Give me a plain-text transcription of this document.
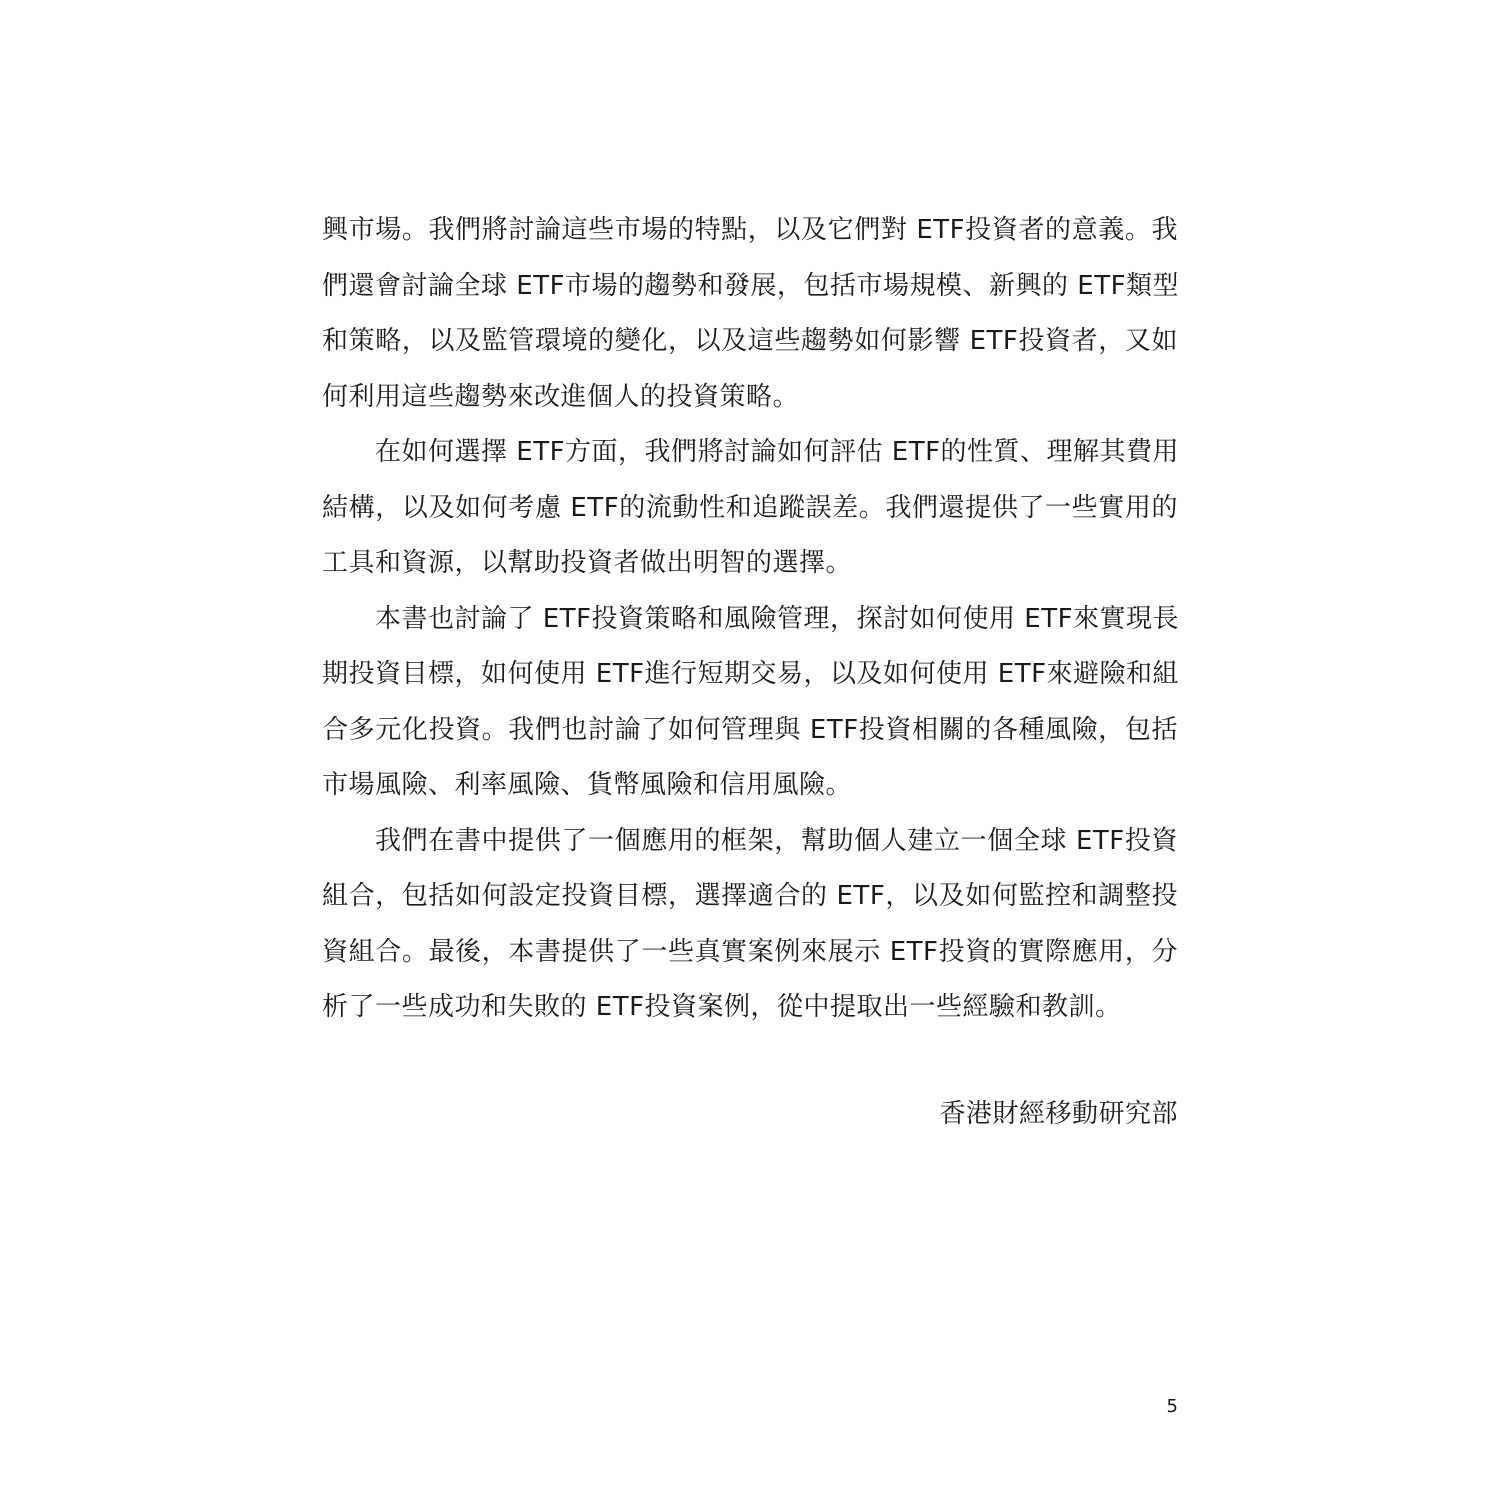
興市場。我們將討論這些市場的特點，以及它們對 ETF投資者的意義。我
們還會討論全球 ETF市場的趨勢和發展，包括市場規模、新興的 ETF類型
和策略，以及監管環境的變化，以及這些趨勢如何影響 ETF投資者，又如
何利用這些趨勢來改進個人的投資策略。
在如何選擇 ETF方面，我們將討論如何評估 ETF的性質、理解其費用
結構，以及如何考慮 ETF的流動性和追蹤誤差。我們還提供了一些實用的
工具和資源，以幫助投資者做出明智的選擇。
本書也討論了 ETF投資策略和風險管理，探討如何使用 ETF來實現長
期投資目標，如何使用 ETF進行短期交易，以及如何使用 ETF來避險和組
合多元化投資。我們也討論了如何管理與 ETF投資相關的各種風險，包括
市場風險、利率風險、貨幣風險和信用風險。
我們在書中提供了一個應用的框架，幫助個人建立一個全球 ETF投資
組合，包括如何設定投資目標，選擇適合的 ETF，以及如何監控和調整投
資組合。最後，本書提供了一些真實案例來展示 ETF投資的實際應用，分
析了一些成功和失敗的 ETF投資案例，從中提取出一些經驗和教訓。
香港財經移動研究部
5
